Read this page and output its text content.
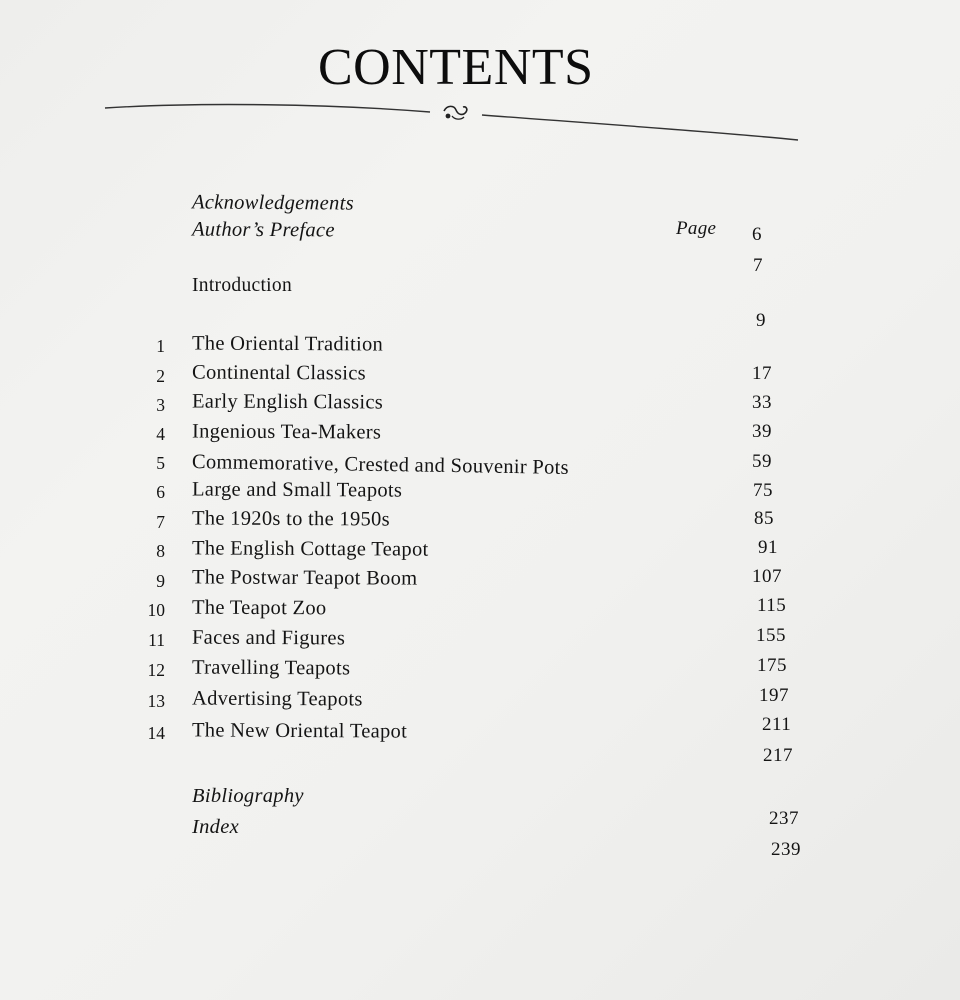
CONTENTS
Acknowledgements
Author’s Preface	Page 6
7
Introduction
9
1 The Oriental Tradition
2 Continental Classics
3 Early English Classics
4 Ingenious Tea-Makers
5 Commemorative, Crested and Souvenir Pots
6 Large and Small Teapots
7 The 1920s to the 1950s
8 The English Cottage Teapot
9 The Postwar Teapot Boom
10 The Teapot Zoo
11 Faces and Figures
12 Travelling Teapots
13 Advertising Teapots
14 The New Oriental Teapot
17
33
39
59
75
85
91
107
115
155
175
197
211
217
Bibliography
Index	237
239
